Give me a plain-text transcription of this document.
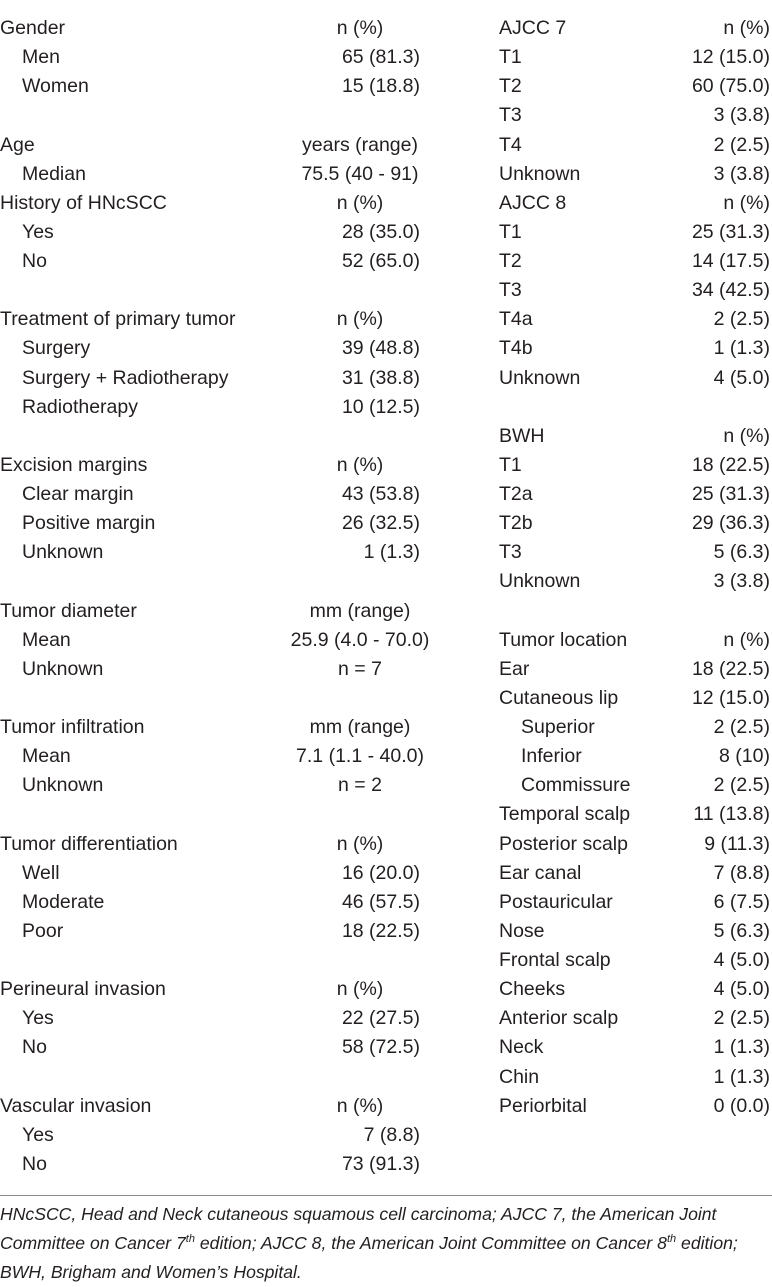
Gender	n (%)
Men	65 (81.3)
Women	15 (18.8)
Age	years (range)
Median	75.5 (40 - 91)
History of HNcSCC	n (%)
Yes	28 (35.0)
No	52 (65.0)
Treatment of primary tumor	n (%)
Surgery	39 (48.8)
Surgery + Radiotherapy	31 (38.8)
Radiotherapy	10 (12.5)
Excision margins	n (%)
Clear margin	43 (53.8)
Positive margin	26 (32.5)
Unknown	1 (1.3)
Tumor diameter	mm (range)
Mean	25.9 (4.0 - 70.0)
Unknown	n = 7
Tumor infiltration	mm (range)
Mean	7.1 (1.1 - 40.0)
Unknown	n = 2
Tumor differentiation	n (%)
Well	16 (20.0)
Moderate	46 (57.5)
Poor	18 (22.5)
Perineural invasion	n (%)
Yes	22 (27.5)
No	58 (72.5)
Vascular invasion	n (%)
Yes	7 (8.8)
No	73 (91.3)
AJCC 7	n (%)
T1	12 (15.0)
T2	60 (75.0)
T3	3 (3.8)
T4	2 (2.5)
Unknown	3 (3.8)
AJCC 8	n (%)
T1	25 (31.3)
T2	14 (17.5)
T3	34 (42.5)
T4a	2 (2.5)
T4b	1 (1.3)
Unknown	4 (5.0)
BWH	n (%)
T1	18 (22.5)
T2a	25 (31.3)
T2b	29 (36.3)
T3	5 (6.3)
Unknown	3 (3.8)
Tumor location	n (%)
Ear	18 (22.5)
Cutaneous lip	12 (15.0)
Superior	2 (2.5)
Inferior	8 (10)
Commissure	2 (2.5)
Temporal scalp	11 (13.8)
Posterior scalp	9 (11.3)
Ear canal	7 (8.8)
Postauricular	6 (7.5)
Nose	5 (6.3)
Frontal scalp	4 (5.0)
Cheeks	4 (5.0)
Anterior scalp	2 (2.5)
Neck	1 (1.3)
Chin	1 (1.3)
Periorbital	0 (0.0)
HNcSCC, Head and Neck cutaneous squamous cell carcinoma; AJCC 7, the American Joint Committee on Cancer 7th edition; AJCC 8, the American Joint Committee on Cancer 8th edition; BWH, Brigham and Women’s Hospital.
